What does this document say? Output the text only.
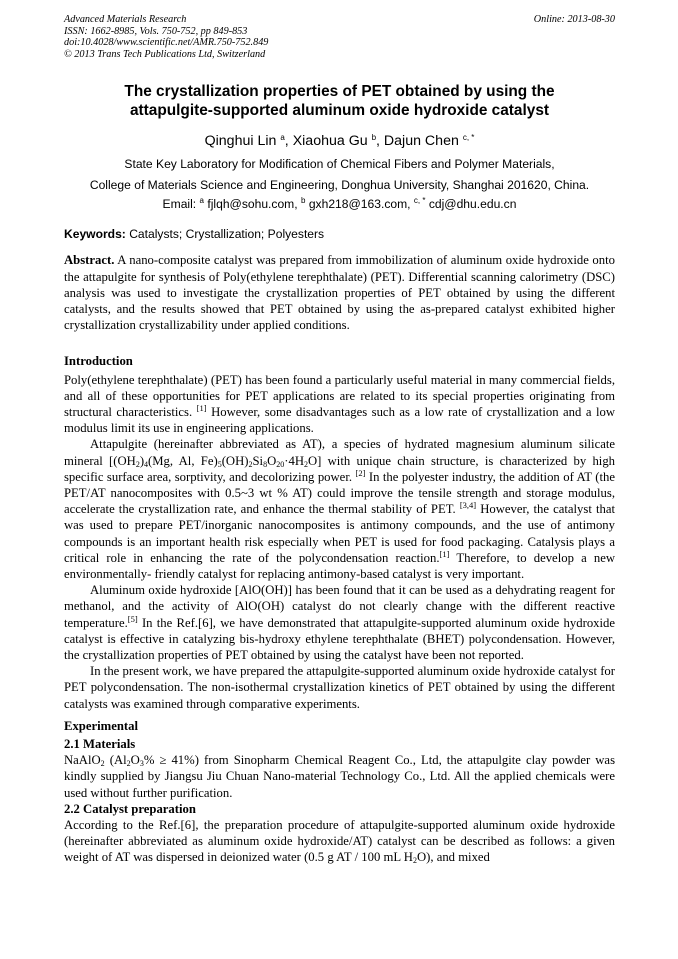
Advanced Materials Research
ISSN: 1662-8985, Vols. 750-752, pp 849-853
doi:10.4028/www.scientific.net/AMR.750-752.849
© 2013 Trans Tech Publications Ltd, Switzerland
Online: 2013-08-30
The crystallization properties of PET obtained by using the
attapulgite-supported aluminum oxide hydroxide catalyst
Qinghui Lin $^a$, Xiaohua Gu $^b$, Dajun Chen $^{c, *}$
State Key Laboratory for Modification of Chemical Fibers and Polymer Materials,
College of Materials Science and Engineering, Donghua University, Shanghai 201620, China.
Email: $^a$ fjlqh@sohu.com, $^b$ gxh218@163.com, $^{c, *}$ cdj@dhu.edu.cn
Keywords: Catalysts; Crystallization; Polyesters

Abstract. A nano-composite catalyst was prepared from immobilization of aluminum oxide hydroxide onto the attapulgite for synthesis of Poly(ethylene terephthalate) (PET). Differential scanning calorimetry (DSC) analysis was used to investigate the crystallization properties of PET obtained by using the different catalysts, and the results showed that PET obtained by using the as-prepared catalyst exhibited higher crystallization crystallizability under applied conditions.

Introduction

Poly(ethylene terephthalate) (PET) has been found a particularly useful material in many commercial fields, and all of these opportunities for PET applications are related to its special properties originating from structural characteristics. [1] However, some disadvantages such as a low rate of crystallization and a low modulus limit its use in engineering applications.

Attapulgite (hereinafter abbreviated as AT), a species of hydrated magnesium aluminum silicate mineral [$(OH_2)_4(Mg$, Al, $Fe)_5(OH)_2Si_8O_{20}\cdot 4H_2O$] with unique chain structure, is characterized by high specific surface area, sorptivity, and decolorizing power. [2] In the polyester industry, the addition of AT (the PET/AT nanocomposites with 0.5~3 wt % AT) could improve the tensile strength and storage modulus, accelerate the crystallization rate, and enhance the thermal stability of PET. [3,4] However, the catalyst that was used to prepare PET/inorganic nanocomposites is antimony compounds, and the use of antimony compounds is an important health risk especially when PET is used for food packaging. Catalysis plays a critical role in enhancing the rate of the polycondensation reaction.[1] Therefore, to develop a new environmentally- friendly catalyst for replacing antimony-based catalyst is very important.

Aluminum oxide hydroxide [AlO(OH)] has been found that it can be used as a dehydrating reagent for methanol, and the activity of AlO(OH) catalyst do not clearly change with the different reactive temperature.[5] In the Ref.[6], we have demonstrated that attapulgite-supported aluminum oxide hydroxide catalyst is effective in catalyzing bis-hydroxy ethylene terephthalate (BHET) polycondensation. However, the crystallization properties of PET obtained by using the catalyst have been not reported.

In the present work, we have prepared the attapulgite-supported aluminum oxide hydroxide catalyst for PET polycondensation. The non-isothermal crystallization kinetics of PET obtained by using the different catalysts was examined through comparative experiments.

Experimental
2.1 Materials

NaAlO$_2$ $(Al_2O_3\% \ge 41\%)$ from Sinopharm Chemical Reagent Co., Ltd, the attapulgite clay powder was kindly supplied by Jiangsu Jiu Chuan Nano-material Technology Co., Ltd. All the applied chemicals were used without further purification.

2.2 Catalyst preparation

According to the Ref.[6], the preparation procedure of attapulgite-supported aluminum oxide hydroxide (hereinafter abbreviated as aluminum oxide hydroxide/AT) catalyst can be described as follows: a given weight of AT was dispersed in deionized water (0.5 g AT / 100 mL $H_2O$), and mixed
